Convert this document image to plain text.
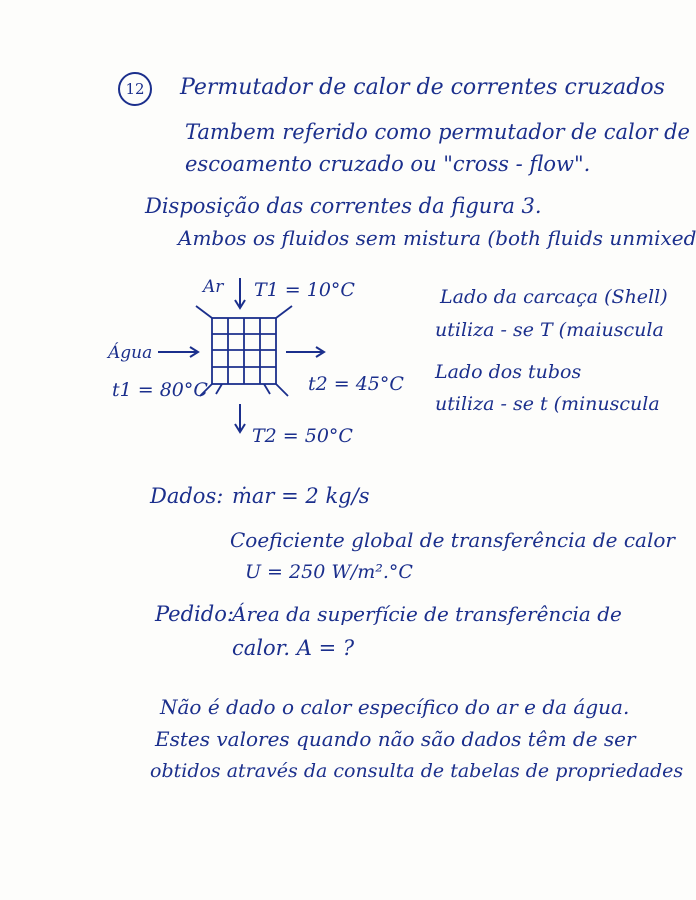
12	Permutador de calor de correntes cruzados
Tambem referido como permutador de calor de
escoamento cruzado ou "cross - flow".
Disposição das correntes da figura 3.
Ambos os fluidos sem mistura (both fluids unmixed
Ar T1 = 10°C
Água
t1 = 80°C	t2 = 45°C
T2 = 50°C
Lado da carcaça (Shell)
utiliza - se T (maiuscula
Lado dos tubos
utiliza - se t (minuscula
Dados: ṁar = 2 kg/s
Coeficiente global de transferência de calor
U = 250 W/m².°C
Pedido:
Área da superfície de transferência de
calor. A = ?
Não é dado o calor específico do ar e da água.
Estes valores quando não são dados têm de ser
obtidos através da consulta de tabelas de propriedades
